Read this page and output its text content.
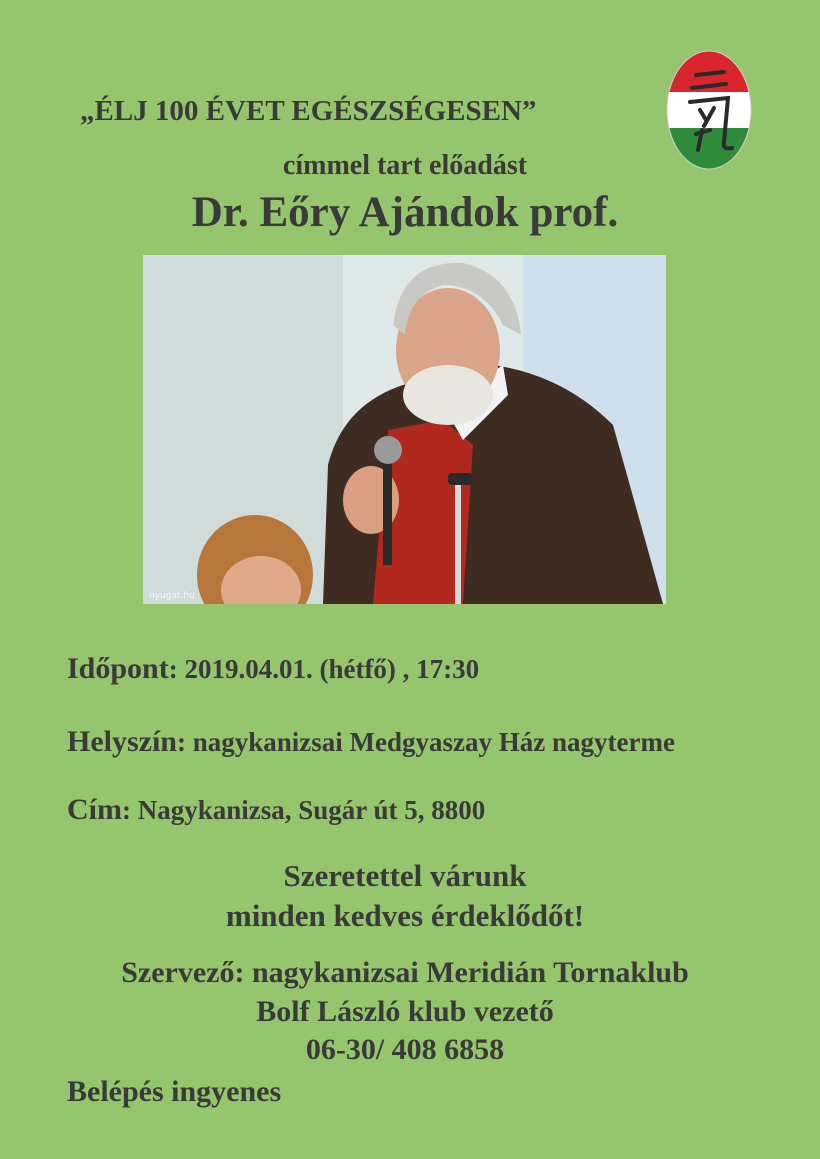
„ÉLJ 100 ÉVET EGÉSZSÉGESEN”
címmel tart előadást
Dr. Eőry Ajándok prof.
nyugat.hu
Időpont: 2019.04.01. (hétfő) , 17:30
Helyszín: nagykanizsai Medgyaszay Ház nagyterme
Cím: Nagykanizsa, Sugár út 5, 8800
Szeretettel várunk
minden kedves érdeklődőt!
Szervező: nagykanizsai Meridián Tornaklub
Bolf László klub vezető
06-30/ 408 6858
Belépés ingyenes
